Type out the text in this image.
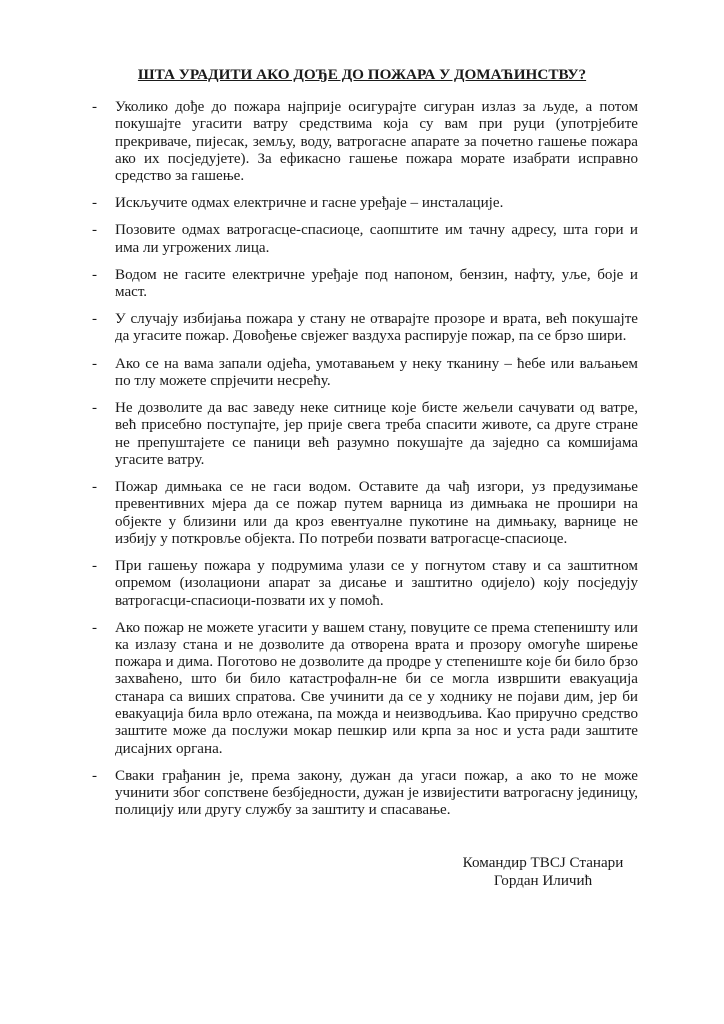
ШТА УРАДИТИ АКО ДОЂЕ ДО ПОЖАРА У ДОМАЋИНСТВУ?
- Уколико дође до пожара најприје осигурајте сигуран излаз за људе, а потом покушајте угасити ватру средствима која су вам при руци (употрјебите прекриваче, пијесак, земљу, воду, ватрогасне апарате за почетно гашење пожара ако их посједујете). За ефикасно гашење пожара морате изабрати исправно средство за гашење.
- Искључите одмах електричне и гасне уређаје – инсталације.
- Позовите одмах ватрогасце-спасиоце, саопштите им тачну адресу, шта гори и има ли угрожених лица.
- Водом не гасите електричне уређаје под напоном, бензин, нафту, уље, боје и маст.
- У случају избијања пожара у стану не отварајте прозоре и врата, већ покушајте да угасите пожар. Довођење свјежег ваздуха распирује пожар, па се брзо шири.
- Ако се на вама запали одјећа, умотавањем у неку тканину – ћебе или ваљањем по тлу можете спрјечити несрећу.
- Не дозволите да вас заведу неке ситнице које бисте жељели сачувати од ватре, већ присебно поступајте, јер прије свега треба спасити животе, са друге стране не препуштајете се паници већ разумно покушајте да заједно са комшијама угасите ватру.
- Пожар димњака се не гаси водом. Оставите да чађ изгори, уз предузимање превентивних мјера да се пожар путем варница из димњака не прошири на објекте у близини или да кроз евентуалне пукотине на димњаку, варнице не избију у поткровље објекта. По потреби позвати ватрогасце-спасиоце.
- При гашењу пожара у подрумима улази се у погнутом ставу и са заштитном опремом (изолациони апарат за дисање и заштитно одијело) коју посједују ватрогасци-спасиоци-позвати их у помоћ.
- Ако пожар не можете угасити у вашем стану, повуците се према степеништу или ка излазу стана и не дозволите да отворена врата и прозору омогуће ширење пожара и дима. Поготово не дозволите да продре у степениште које би било брзо захваћено, што би било катастрофалн-не би се могла извршити евакуација станара са виших спратова. Све учинити да се у ходнику не појави дим, јер би евакуација била врло отежана, па можда и неизводљива. Као приручно средство заштите може да послужи мокар пешкир или крпа за нос и уста ради заштите дисајних органа.
- Сваки грађанин је, према закону, дужан да угаси пожар, а ако то не може учинити због сопствене безбједности, дужан је извијестити ватрогасну јединицу, полицију или другу службу за заштиту и спасавање.
Командир ТВСЈ Станари
Гордан Иличић
